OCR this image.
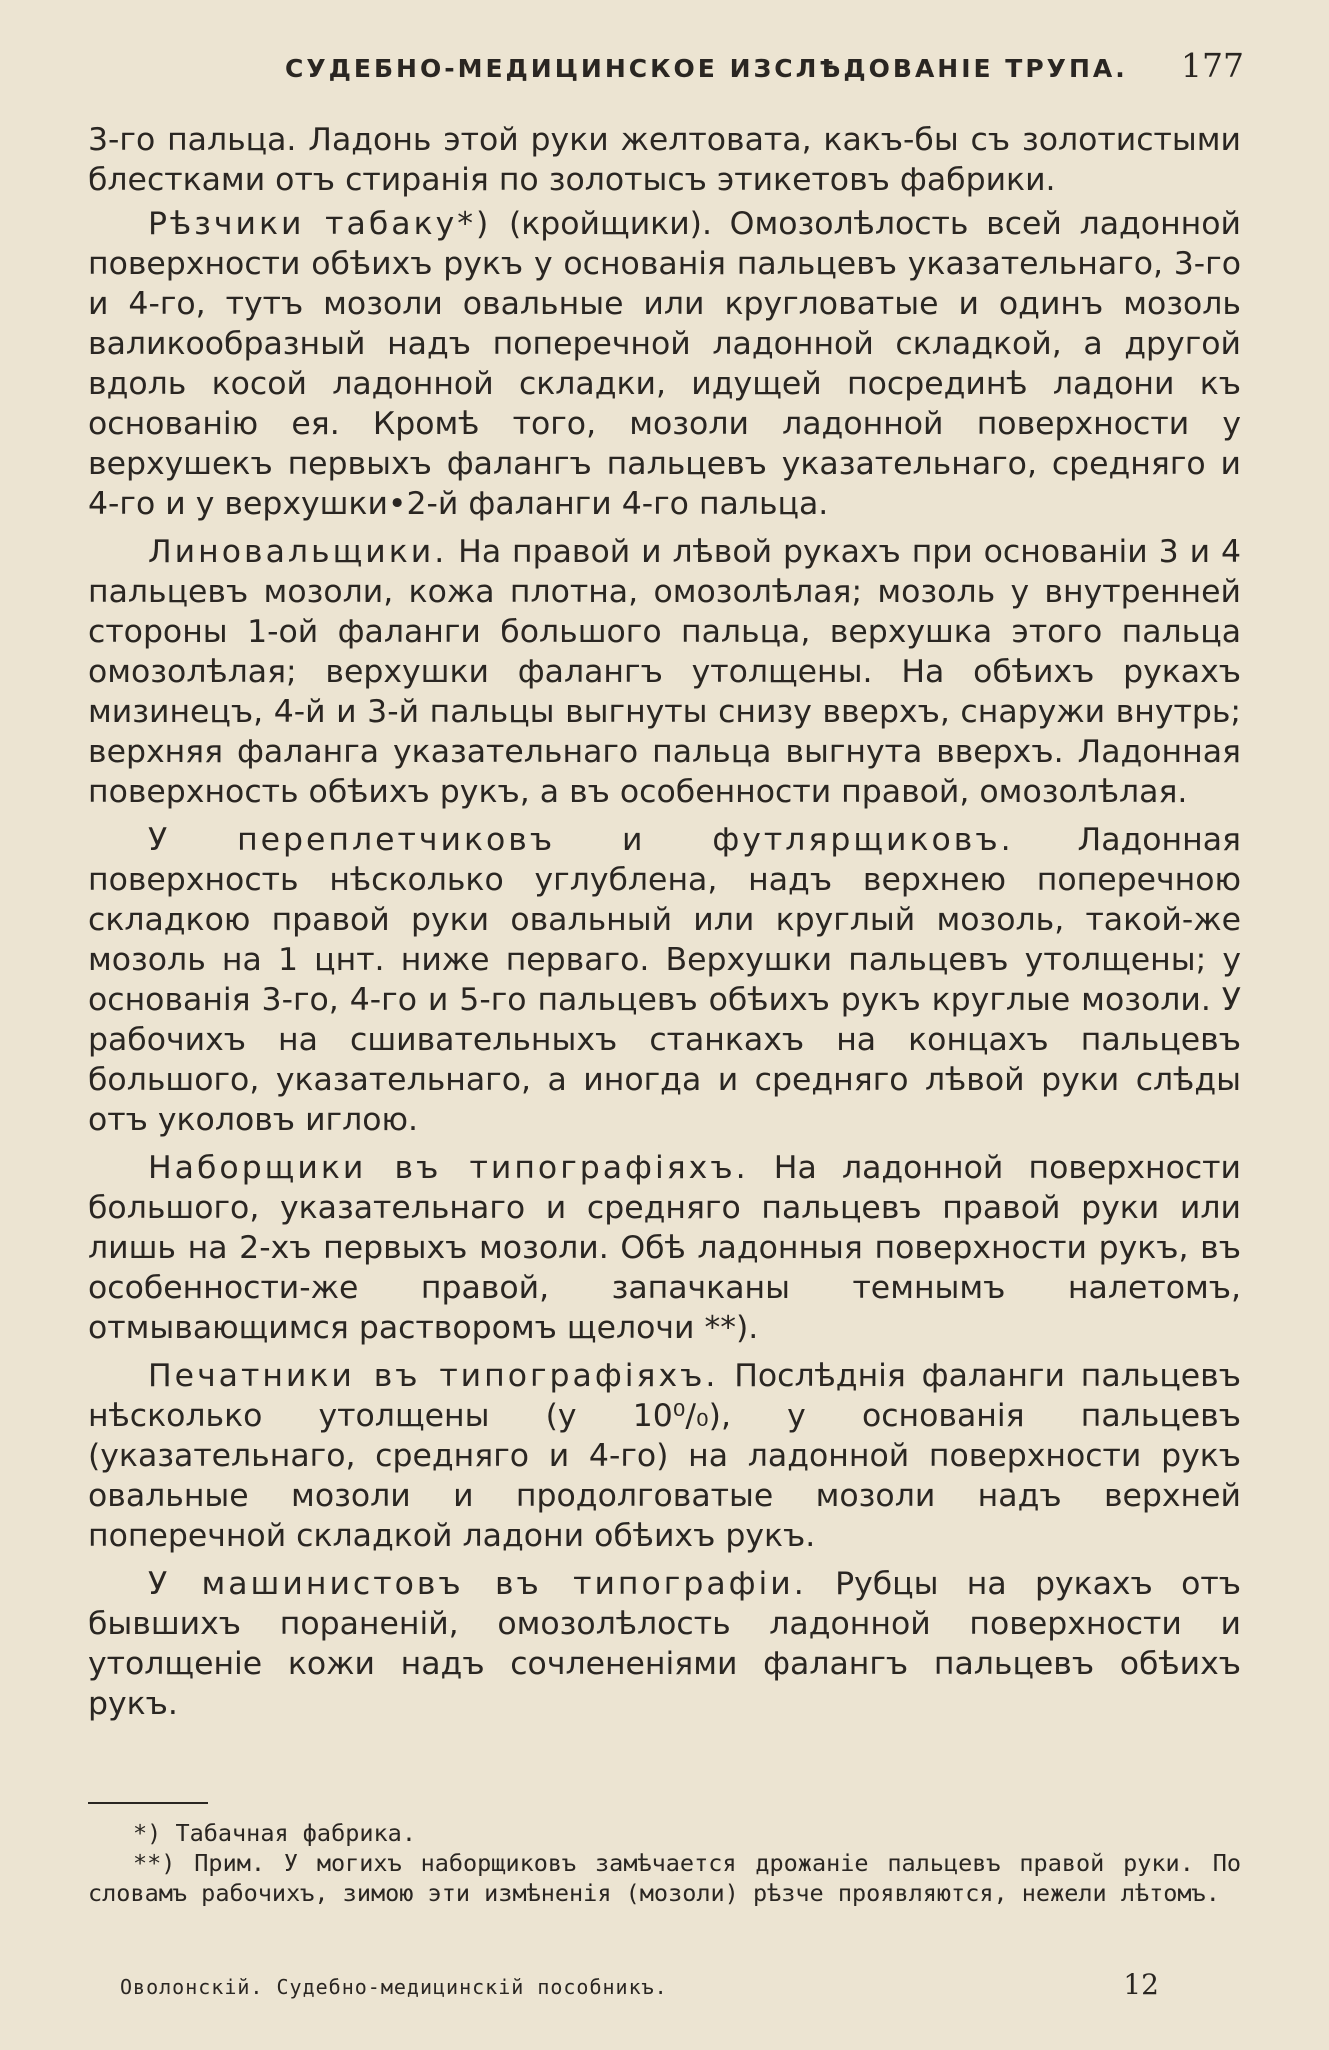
СУДЕБНО-МЕДИЦИНСКОЕ ИЗСЛѢДОВАНІЕ ТРУПА. 177

3-го пальца. Ладонь этой руки желтовата, какъ-бы съ золотистыми блестками отъ стиранія по золотысъ этикетовъ фабрики.

Рѣзчики табаку*) (кройщики). Омозолѣлость всей ладонной поверхности обѣихъ рукъ у основанія пальцевъ указательнаго, 3-го и 4-го, тутъ мозоли овальные или кругловатые и одинъ мозоль валикообразный надъ поперечной ладонной складкой, а другой вдоль косой ладонной складки, идущей посрединѣ ладони къ основанію ея. Кромѣ того, мозоли ладонной поверхности у верхушекъ первыхъ фалангъ пальцевъ указательнаго, средняго и 4-го и у верхушки•2-й фаланги 4-го пальца.

Линовальщики. На правой и лѣвой рукахъ при основаніи 3 и 4 пальцевъ мозоли, кожа плотна, омозолѣлая; мозоль у внутренней стороны 1-ой фаланги большого пальца, верхушка этого пальца омозолѣлая; верхушки фалангъ утолщены. На обѣихъ рукахъ мизинецъ, 4-й и 3-й пальцы выгнуты снизу вверхъ, снаружи внутрь; верхняя фаланга указательнаго пальца выгнута вверхъ. Ладонная поверхность обѣихъ рукъ, а въ особенности правой, омозолѣлая.

У переплетчиковъ и футлярщиковъ. Ладонная поверхность нѣсколько углублена, надъ верхнею поперечною складкою правой руки овальный или круглый мозоль, такой-же мозоль на 1 цнт. ниже перваго. Верхушки пальцевъ утолщены; у основанія 3-го, 4-го и 5-го пальцевъ обѣихъ рукъ круглые мозоли. У рабочихъ на сшивательныхъ станкахъ на концахъ пальцевъ большого, указательнаго, а иногда и средняго лѣвой руки слѣды отъ уколовъ иглою.

Наборщики въ типографіяхъ. На ладонной поверхности большого, указательнаго и средняго пальцевъ правой руки или лишь на 2-хъ первыхъ мозоли. Обѣ ладонныя поверхности рукъ, въ особенности-же правой, запачканы темнымъ налетомъ, отмывающимся растворомъ щелочи **).

Печатники въ типографіяхъ. Послѣднія фаланги пальцевъ нѣсколько утолщены (у 10⁰/₀), у основанія пальцевъ (указательнаго, средняго и 4-го) на ладонной поверхности рукъ овальные мозоли и продолговатые мозоли надъ верхней поперечной складкой ладони обѣихъ рукъ.

У машинистовъ въ типографіи. Рубцы на рукахъ отъ бывшихъ пораненій, омозолѣлость ладонной поверхности и утолщеніе кожи надъ сочлененіями фалангъ пальцевъ обѣихъ рукъ.

*) Табачная фабрика.

**) Прим. У могихъ наборщиковъ замѣчается дрожаніе пальцевъ правой руки. По словамъ рабочихъ, зимою эти измѣненія (мозоли) рѣзче проявляются, нежели лѣтомъ.

Оволонскій. Судебно-медицинскій пособникъ.	12
